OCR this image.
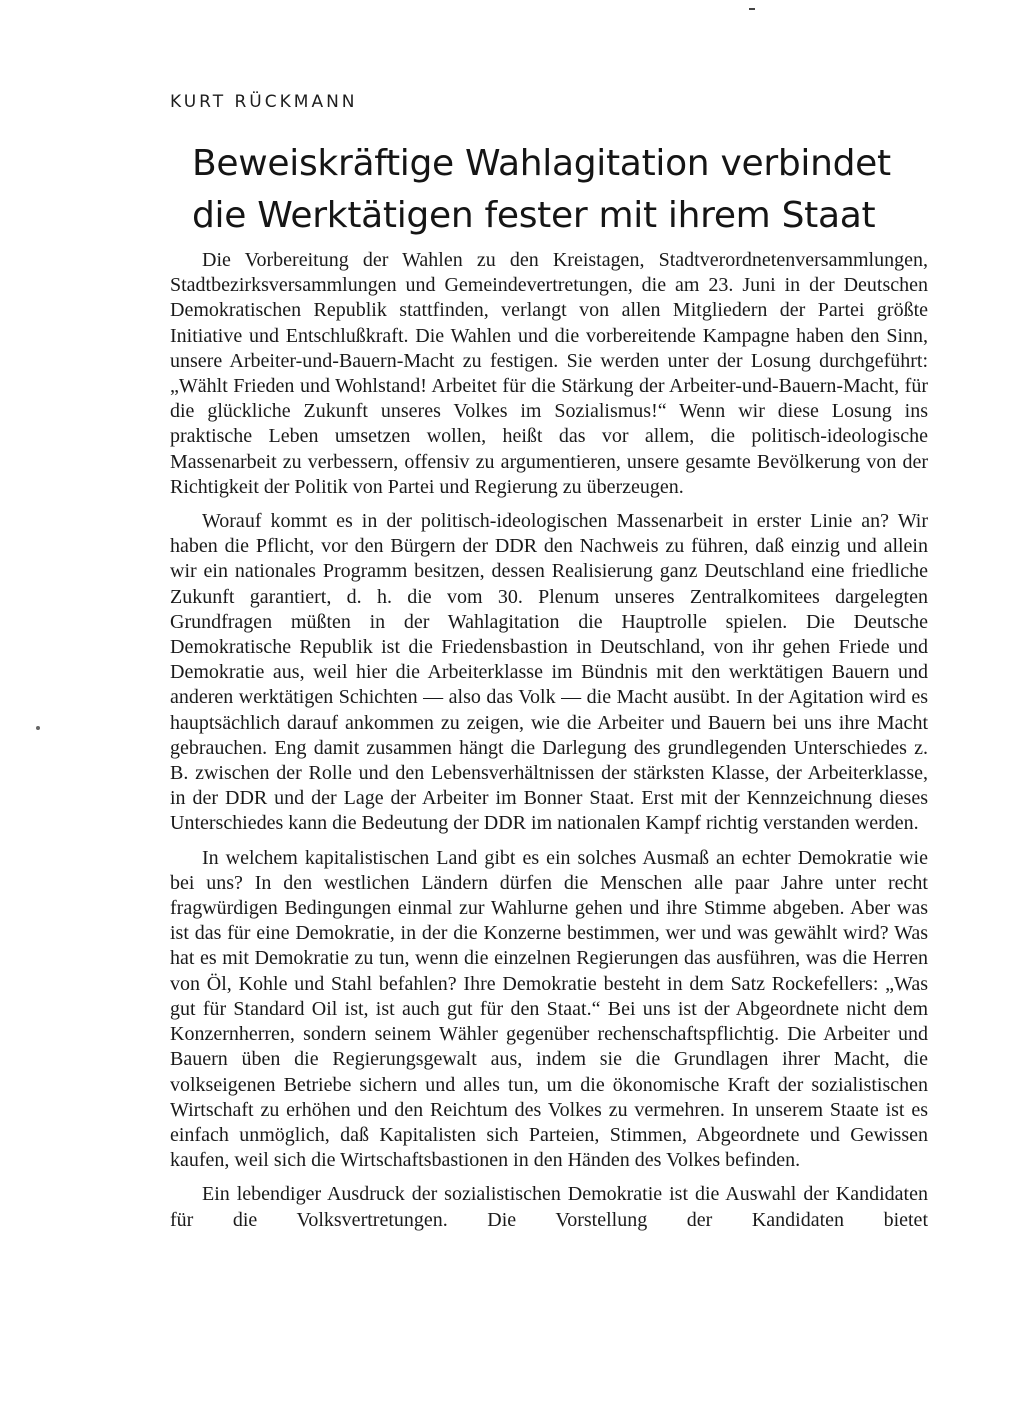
KURT RÜCKMANN

Beweiskräftige Wahlagitation verbindet
die Werktätigen fester mit ihrem Staat

Die Vorbereitung der Wahlen zu den Kreistagen, Stadtverordnetenversammlungen, Stadtbezirksversammlungen und Gemeindevertretungen, die am 23. Juni in der Deutschen Demokratischen Republik stattfinden, verlangt von allen Mitgliedern der Partei größte Initiative und Entschlußkraft. Die Wahlen und die vorbereitende Kampagne haben den Sinn, unsere Arbeiter-und-Bauern-Macht zu festigen. Sie werden unter der Losung durchgeführt: „Wählt Frieden und Wohlstand! Arbeitet für die Stärkung der Arbeiter-und-Bauern-Macht, für die glückliche Zukunft unseres Volkes im Sozialismus!“ Wenn wir diese Losung ins praktische Leben umsetzen wollen, heißt das vor allem, die politisch-ideologische Massenarbeit zu verbessern, offensiv zu argumentieren, unsere gesamte Bevölkerung von der Richtigkeit der Politik von Partei und Regierung zu überzeugen.

Worauf kommt es in der politisch-ideologischen Massenarbeit in erster Linie an? Wir haben die Pflicht, vor den Bürgern der DDR den Nachweis zu führen, daß einzig und allein wir ein nationales Programm besitzen, dessen Realisierung ganz Deutschland eine friedliche Zukunft garantiert, d. h. die vom 30. Plenum unseres Zentralkomitees dargelegten Grundfragen müßten in der Wahlagitation die Hauptrolle spielen. Die Deutsche Demokratische Republik ist die Friedensbastion in Deutschland, von ihr gehen Friede und Demokratie aus, weil hier die Arbeiterklasse im Bündnis mit den werktätigen Bauern und anderen werktätigen Schichten — also das Volk — die Macht ausübt. In der Agitation wird es hauptsächlich darauf ankommen zu zeigen, wie die Arbeiter und Bauern bei uns ihre Macht gebrauchen. Eng damit zusammen hängt die Darlegung des grundlegenden Unterschiedes z. B. zwischen der Rolle und den Lebensverhältnissen der stärksten Klasse, der Arbeiterklasse, in der DDR und der Lage der Arbeiter im Bonner Staat. Erst mit der Kennzeichnung dieses Unterschiedes kann die Bedeutung der DDR im nationalen Kampf richtig verstanden werden.

In welchem kapitalistischen Land gibt es ein solches Ausmaß an echter Demokratie wie bei uns? In den westlichen Ländern dürfen die Menschen alle paar Jahre unter recht fragwürdigen Bedingungen einmal zur Wahlurne gehen und ihre Stimme abgeben. Aber was ist das für eine Demokratie, in der die Konzerne bestimmen, wer und was gewählt wird? Was hat es mit Demokratie zu tun, wenn die einzelnen Regierungen das ausführen, was die Herren von Öl, Kohle und Stahl befahlen? Ihre Demokratie besteht in dem Satz Rockefellers: „Was gut für Standard Oil ist, ist auch gut für den Staat.“ Bei uns ist der Abgeordnete nicht dem Konzernherren, sondern seinem Wähler gegenüber rechenschaftspflichtig. Die Arbeiter und Bauern üben die Regierungsgewalt aus, indem sie die Grundlagen ihrer Macht, die volkseigenen Betriebe sichern und alles tun, um die ökonomische Kraft der sozialistischen Wirtschaft zu erhöhen und den Reichtum des Volkes zu vermehren. In unserem Staate ist es einfach unmöglich, daß Kapitalisten sich Parteien, Stimmen, Abgeordnete und Gewissen kaufen, weil sich die Wirtschaftsbastionen in den Händen des Volkes befinden.

Ein lebendiger Ausdruck der sozialistischen Demokratie ist die Auswahl der Kandidaten für die Volksvertretungen. Die Vorstellung der Kandidaten bietet
